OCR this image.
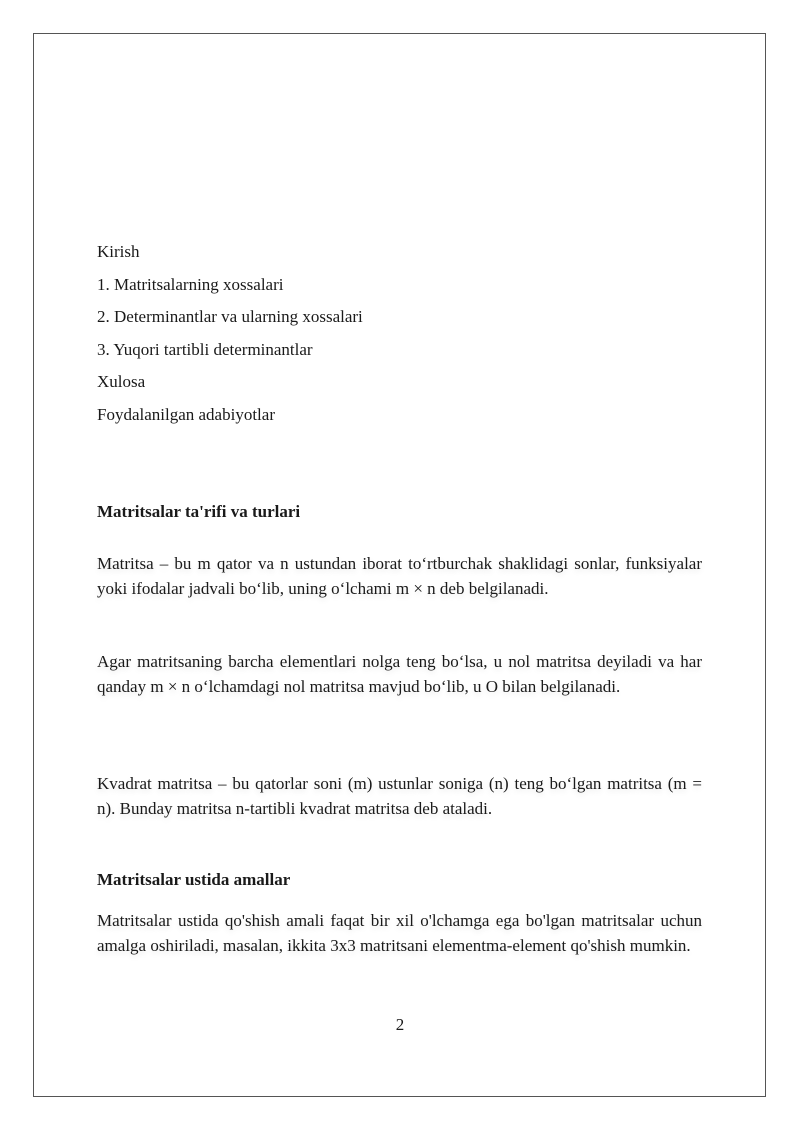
Kirish
1. Matritsalarning xossalari
2. Determinantlar va ularning xossalari
3. Yuqori tartibli determinantlar
Xulosa
Foydalanilgan adabiyotlar
Matritsalar ta'rifi va turlari
Matritsa – bu m qator va n ustundan iborat to‘rtburchak shaklidagi sonlar, funksiyalar yoki ifodalar jadvali bo‘lib, uning o‘lchami m × n deb belgilanadi.
Agar matritsaning barcha elementlari nolga teng bo‘lsa, u nol matritsa deyiladi va har qanday m × n o‘lchamdagi nol matritsa mavjud bo‘lib, u O bilan belgilanadi.
Kvadrat matritsa – bu qatorlar soni (m) ustunlar soniga (n) teng bo‘lgan matritsa (m = n). Bunday matritsa n-tartibli kvadrat matritsa deb ataladi.
Matritsalar ustida amallar
Matritsalar ustida qo'shish amali faqat bir xil o'lchamga ega bo'lgan matritsalar uchun amalga oshiriladi, masalan, ikkita 3x3 matritsani elementma-element qo'shish mumkin.
2
